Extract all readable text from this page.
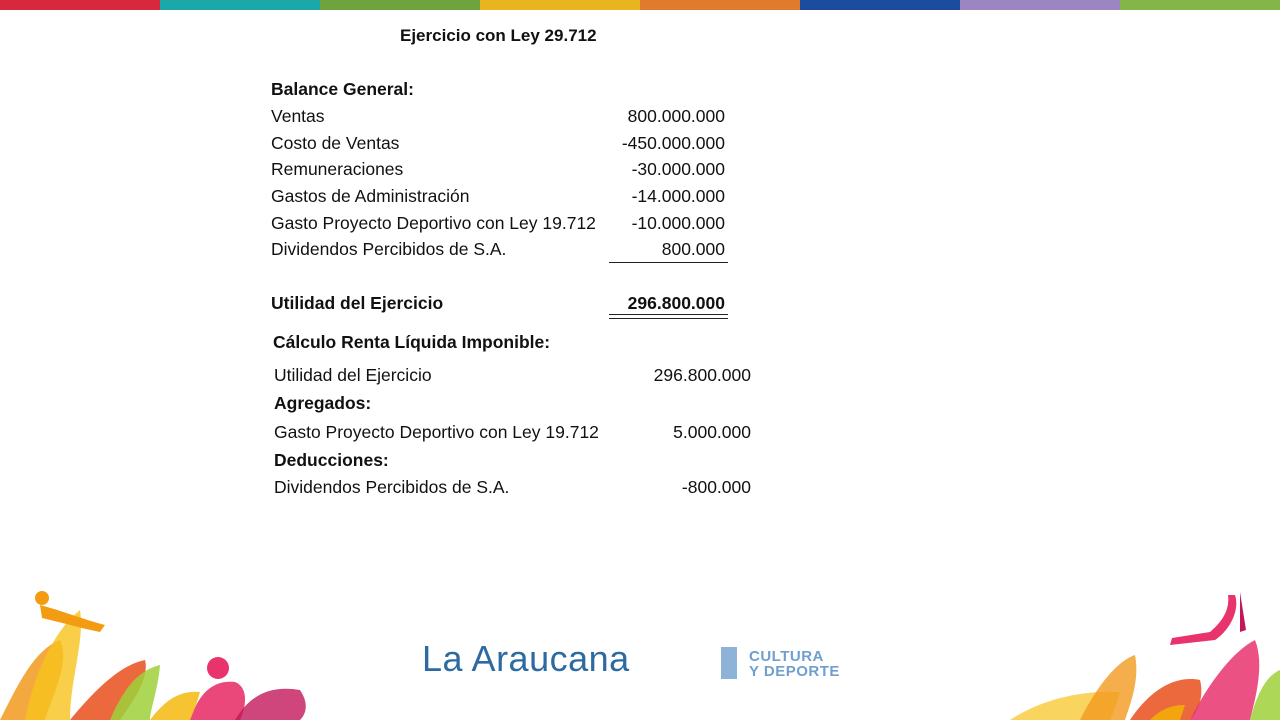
Ejercicio con Ley 29.712
Balance General:
Ventas	800.000.000
Costo de Ventas	-450.000.000
Remuneraciones	-30.000.000
Gastos de Administración	-14.000.000
Gasto Proyecto Deportivo con Ley 19.712	-10.000.000
Dividendos Percibidos de S.A.	800.000
Utilidad del Ejercicio	296.800.000
Cálculo Renta Líquida Imponible:
Utilidad del Ejercicio	296.800.000
Agregados:
Gasto Proyecto Deportivo con Ley 19.712	5.000.000
Deducciones:
Dividendos Percibidos de S.A.	-800.000
La Araucana	CULTURA
Y DEPORTE
